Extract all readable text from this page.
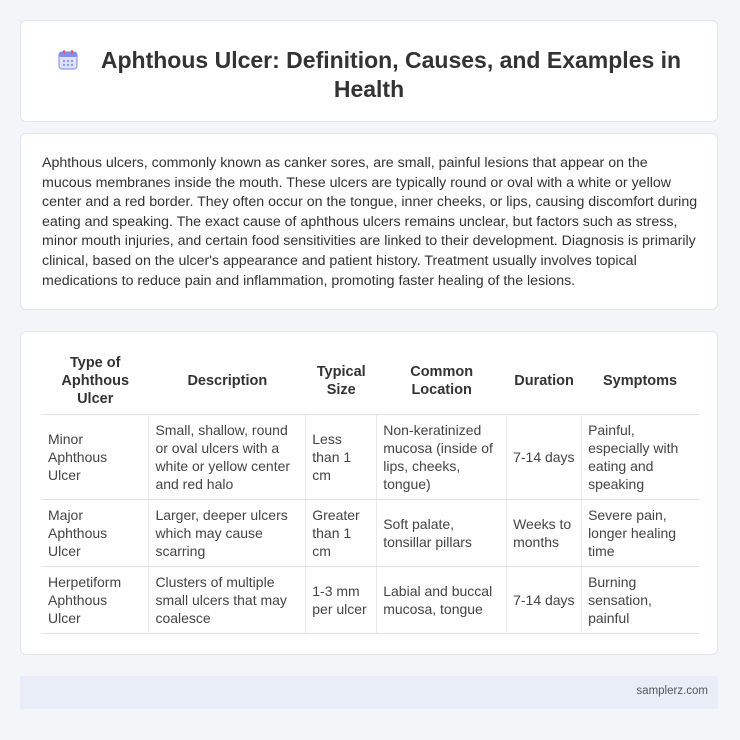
Aphthous Ulcer: Definition, Causes, and Examples in Health

Aphthous ulcers, commonly known as canker sores, are small, painful lesions that appear on the mucous membranes inside the mouth. These ulcers are typically round or oval with a white or yellow center and a red border. They often occur on the tongue, inner cheeks, or lips, causing discomfort during eating and speaking. The exact cause of aphthous ulcers remains unclear, but factors such as stress, minor mouth injuries, and certain food sensitivities are linked to their development. Diagnosis is primarily clinical, based on the ulcer's appearance and patient history. Treatment usually involves topical medications to reduce pain and inflammation, promoting faster healing of the lesions.

Type of Aphthous Ulcer	Description	Typical Size	Common Location	Duration	Symptoms
Minor Aphthous Ulcer	Small, shallow, round or oval ulcers with a white or yellow center and red halo	Less than 1 cm	Non-keratinized mucosa (inside of lips, cheeks, tongue)	7-14 days	Painful, especially with eating and speaking
Major Aphthous Ulcer	Larger, deeper ulcers which may cause scarring	Greater than 1 cm	Soft palate, tonsillar pillars	Weeks to months	Severe pain, longer healing time
Herpetiform Aphthous Ulcer	Clusters of multiple small ulcers that may coalesce	1-3 mm per ulcer	Labial and buccal mucosa, tongue	7-14 days	Burning sensation, painful
samplerz.com
